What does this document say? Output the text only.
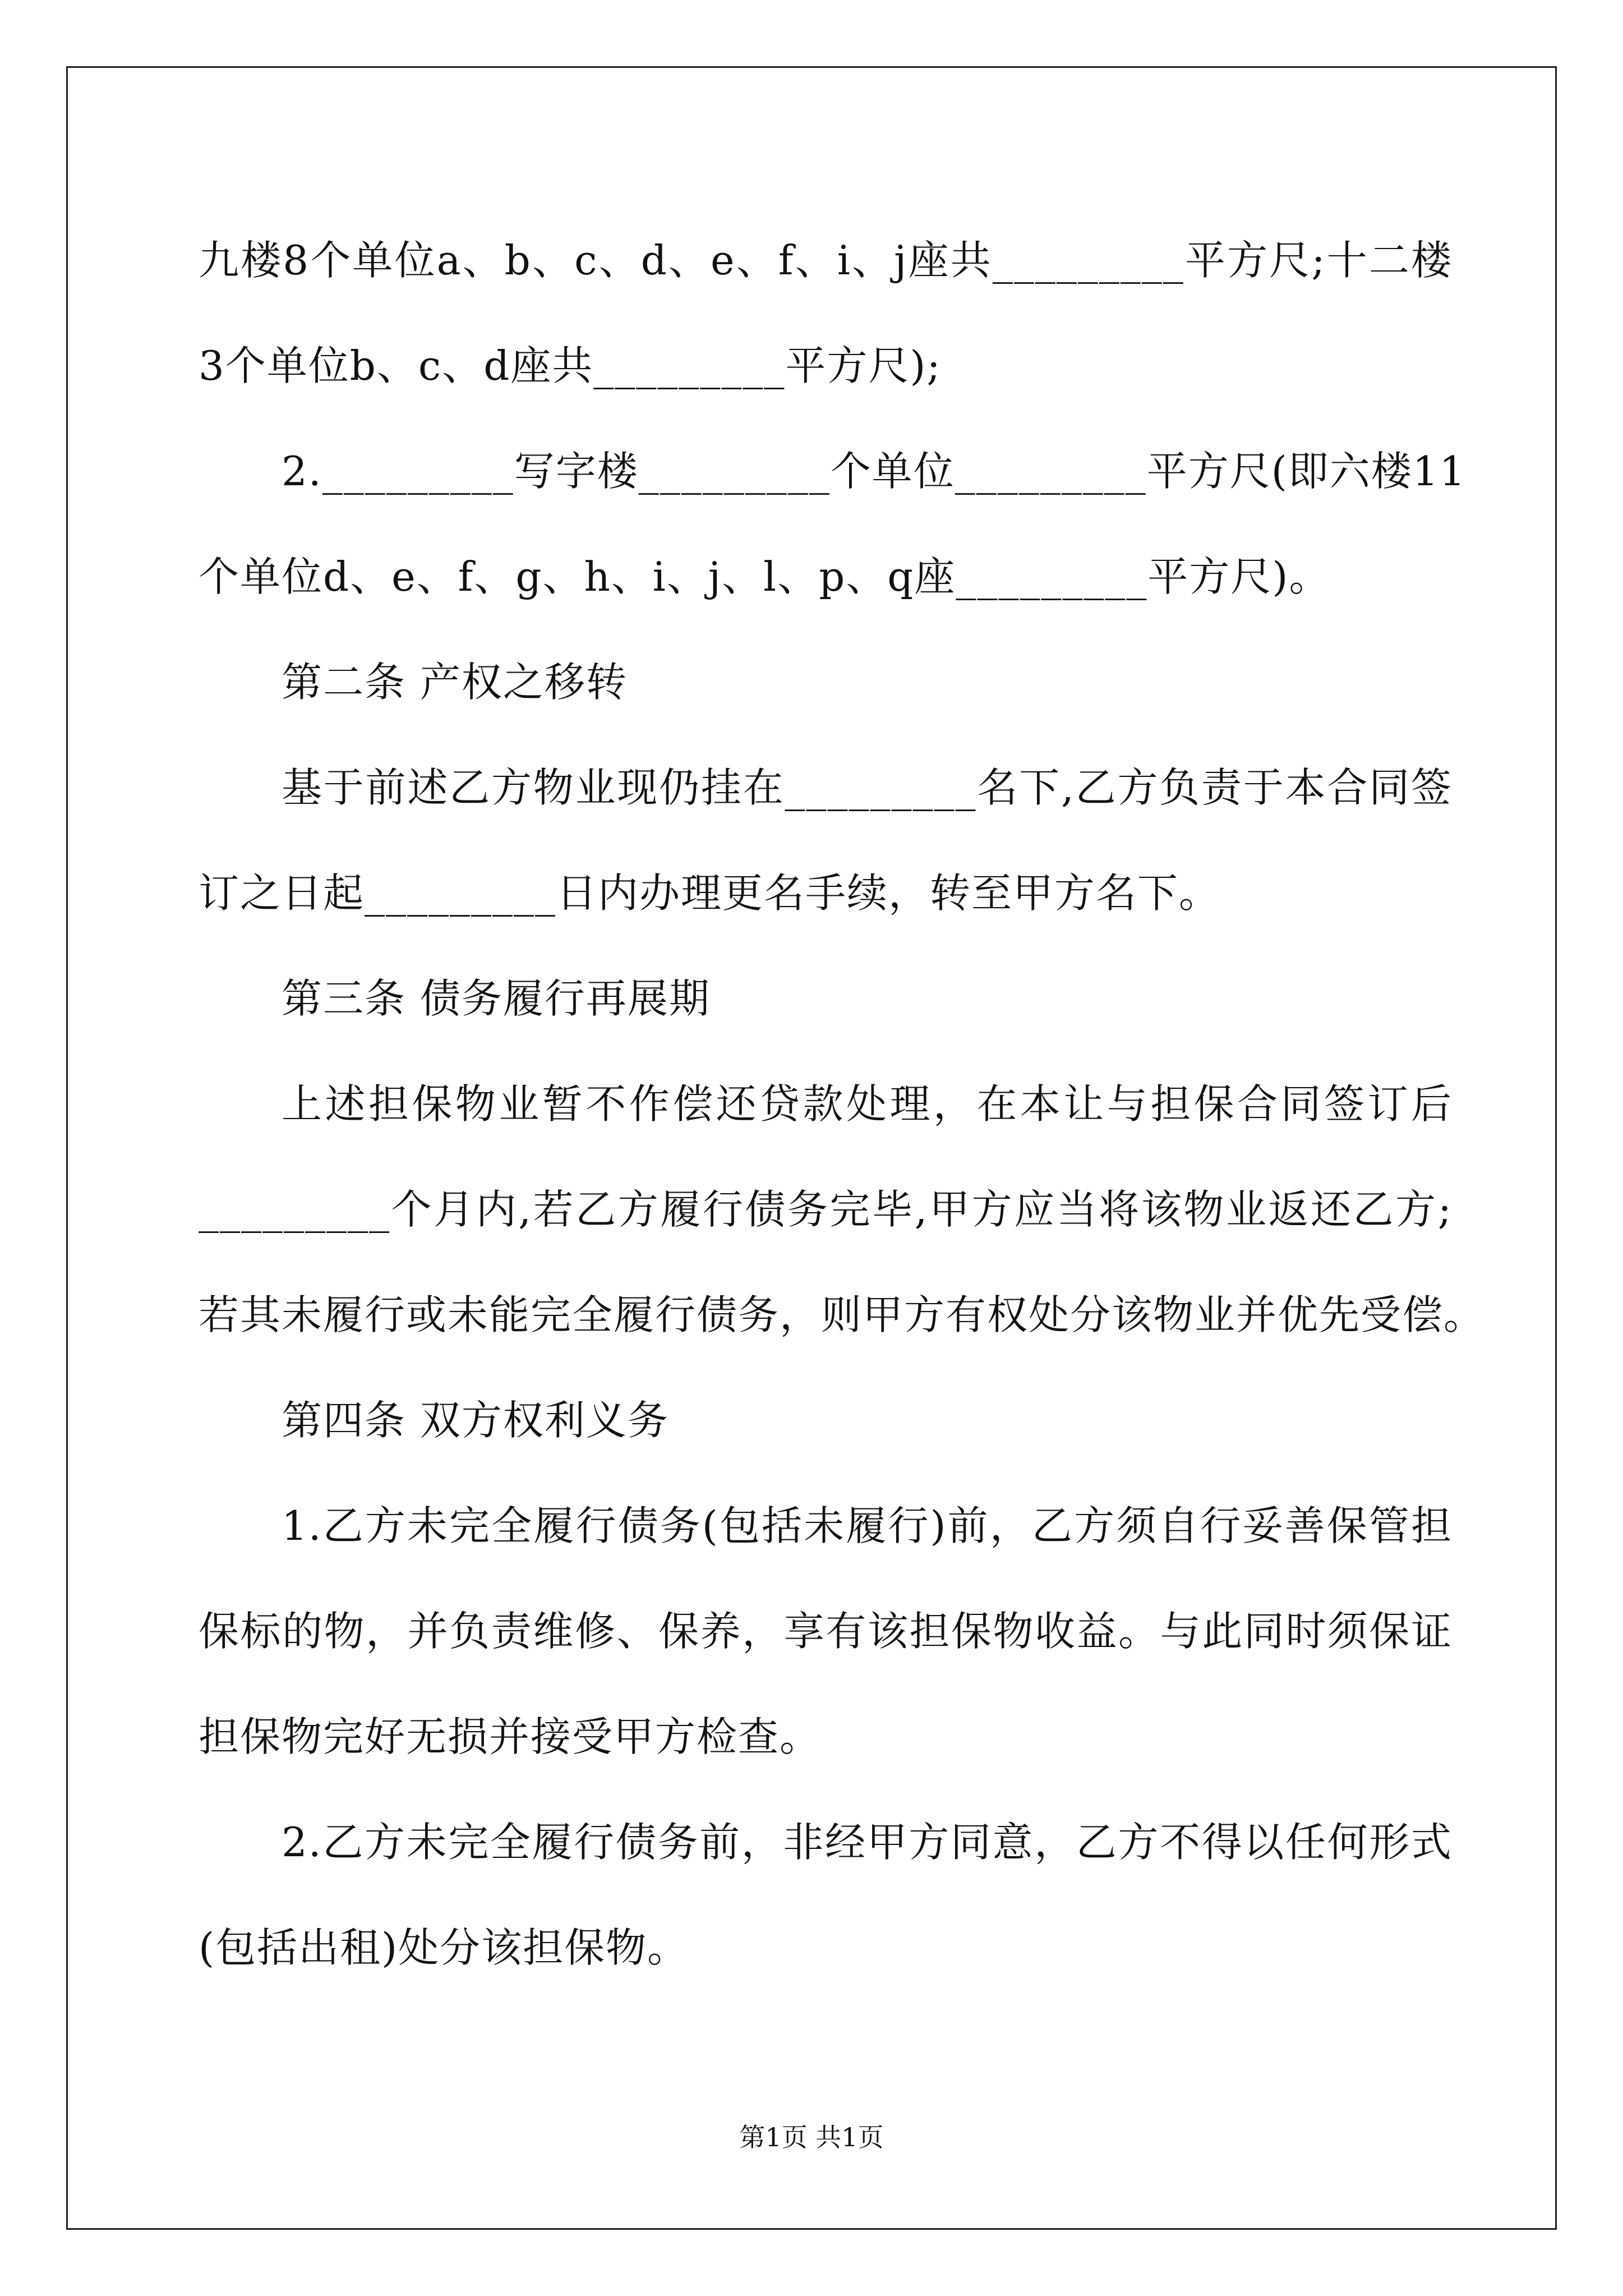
九楼8个单位a、b、c、d、e、f、i、j座共_________平方尺;十二楼
3个单位b、c、d座共_________平方尺);
2._________写字楼_________个单位_________平方尺(即六楼11
个单位d、e、f、g、h、i、j、l、p、q座_________平方尺)。
第二条 产权之移转
基于前述乙方物业现仍挂在_________名下,乙方负责于本合同签
订之日起_________日内办理更名手续，转至甲方名下。
第三条 债务履行再展期
上述担保物业暂不作偿还贷款处理，在本让与担保合同签订后
_________个月内,若乙方履行债务完毕,甲方应当将该物业返还乙方;
若其未履行或未能完全履行债务，则甲方有权处分该物业并优先受偿。
第四条 双方权利义务
1.乙方未完全履行债务(包括未履行)前，乙方须自行妥善保管担
保标的物，并负责维修、保养，享有该担保物收益。与此同时须保证
担保物完好无损并接受甲方检查。
2.乙方未完全履行债务前，非经甲方同意，乙方不得以任何形式
(包括出租)处分该担保物。
第1页 共1页
